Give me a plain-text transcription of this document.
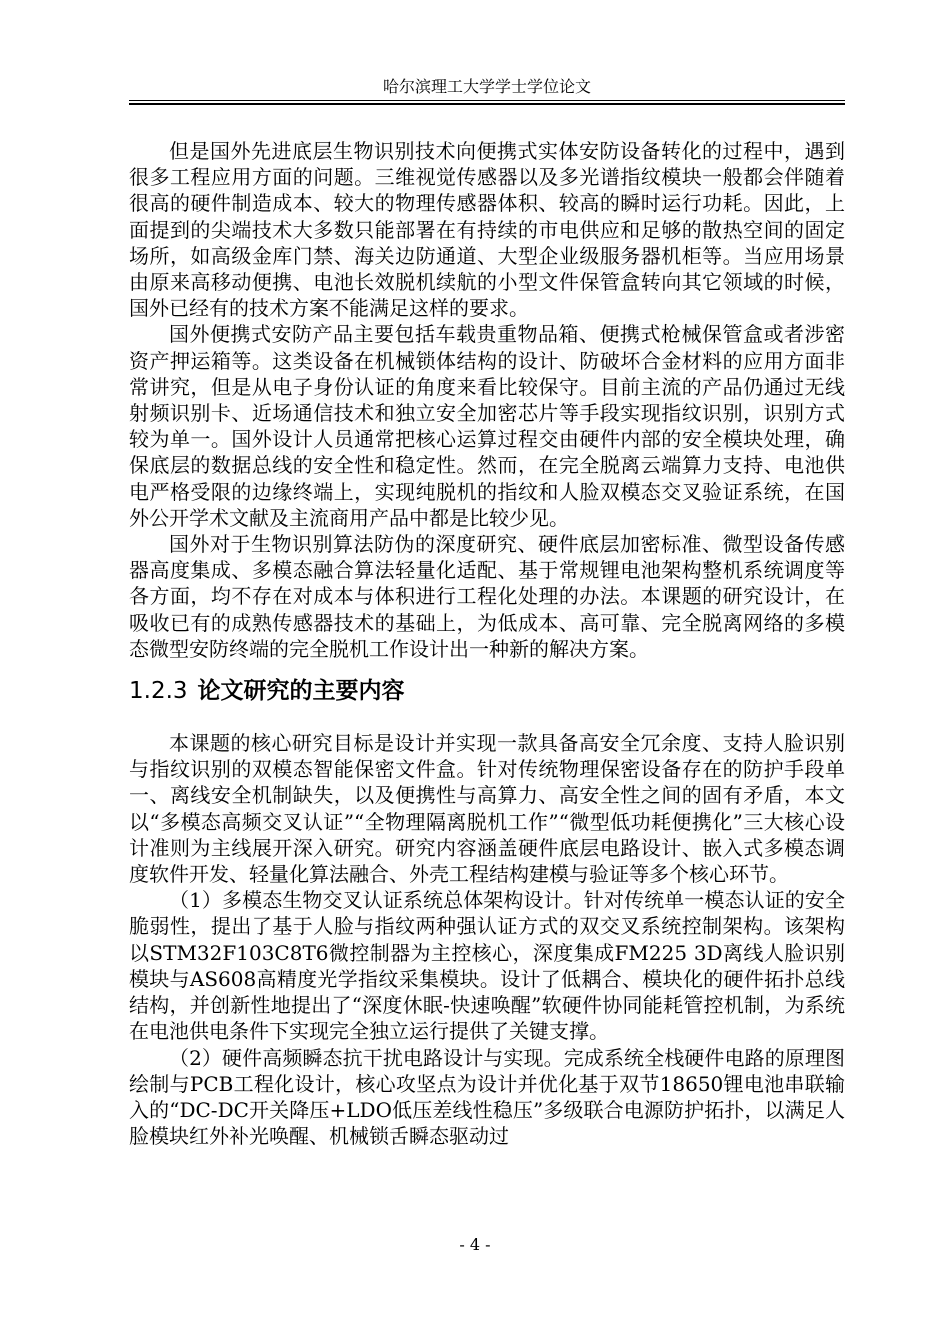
哈尔滨理工大学学士学位论文

但是国外先进底层生物识别技术向便携式实体安防设备转化的过程中，遇到很多工程应用方面的问题。三维视觉传感器以及多光谱指纹模块一般都会伴随着很高的硬件制造成本、较大的物理传感器体积、较高的瞬时运行功耗。因此，上面提到的尖端技术大多数只能部署在有持续的市电供应和足够的散热空间的固定场所，如高级金库门禁、海关边防通道、大型企业级服务器机柜等。当应用场景由原来高移动便携、电池长效脱机续航的小型文件保管盒转向其它领域的时候，国外已经有的技术方案不能满足这样的要求。

国外便携式安防产品主要包括车载贵重物品箱、便携式枪械保管盒或者涉密资产押运箱等。这类设备在机械锁体结构的设计、防破坏合金材料的应用方面非常讲究，但是从电子身份认证的角度来看比较保守。目前主流的产品仍通过无线射频识别卡、近场通信技术和独立安全加密芯片等手段实现指纹识别，识别方式较为单一。国外设计人员通常把核心运算过程交由硬件内部的安全模块处理，确保底层的数据总线的安全性和稳定性。然而，在完全脱离云端算力支持、电池供电严格受限的边缘终端上，实现纯脱机的指纹和人脸双模态交叉验证系统，在国外公开学术文献及主流商用产品中都是比较少见。

国外对于生物识别算法防伪的深度研究、硬件底层加密标准、微型设备传感器高度集成、多模态融合算法轻量化适配、基于常规锂电池架构整机系统调度等各方面，均不存在对成本与体积进行工程化处理的办法。本课题的研究设计，在吸收已有的成熟传感器技术的基础上，为低成本、高可靠、完全脱离网络的多模态微型安防终端的完全脱机工作设计出一种新的解决方案。

1.2.3 论文研究的主要内容

本课题的核心研究目标是设计并实现一款具备高安全冗余度、支持人脸识别与指纹识别的双模态智能保密文件盒。针对传统物理保密设备存在的防护手段单一、离线安全机制缺失，以及便携性与高算力、高安全性之间的固有矛盾，本文以“多模态高频交叉认证”“全物理隔离脱机工作”“微型低功耗便携化”三大核心设计准则为主线展开深入研究。研究内容涵盖硬件底层电路设计、嵌入式多模态调度软件开发、轻量化算法融合、外壳工程结构建模与验证等多个核心环节。

（1）多模态生物交叉认证系统总体架构设计。针对传统单一模态认证的安全脆弱性，提出了基于人脸与指纹两种强认证方式的双交叉系统控制架构。该架构以STM32F103C8T6微控制器为主控核心，深度集成FM225 3D离线人脸识别模块与AS608高精度光学指纹采集模块。设计了低耦合、模块化的硬件拓扑总线结构，并创新性地提出了“深度休眠-快速唤醒”软硬件协同能耗管控机制，为系统在电池供电条件下实现完全独立运行提供了关键支撑。

（2）硬件高频瞬态抗干扰电路设计与实现。完成系统全栈硬件电路的原理图绘制与PCB工程化设计，核心攻坚点为设计并优化基于双节18650锂电池串联输入的“DC-DC开关降压+LDO低压差线性稳压”多级联合电源防护拓扑，以满足人脸模块红外补光唤醒、机械锁舌瞬态驱动过

- 4 -
